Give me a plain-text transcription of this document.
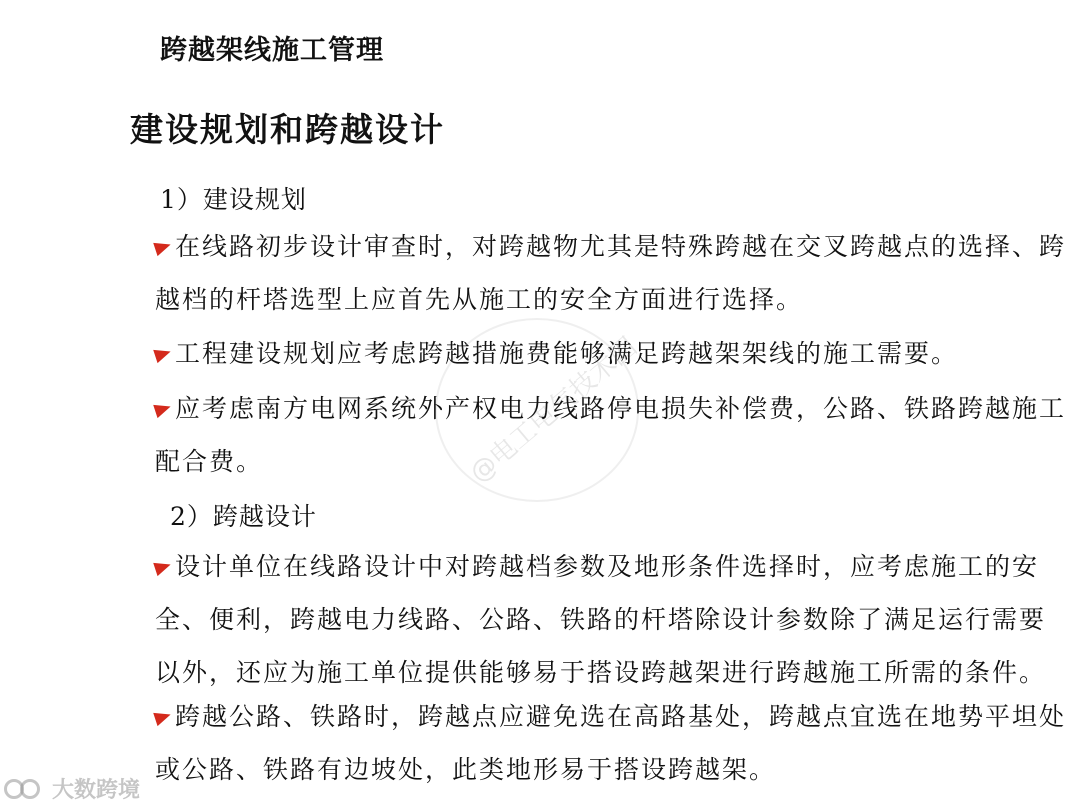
跨越架线施工管理
建设规划和跨越设计
1）建设规划
在线路初步设计审查时，对跨越物尤其是特殊跨越在交叉跨越点的选择、跨越档的杆塔选型上应首先从施工的安全方面进行选择。
工程建设规划应考虑跨越措施费能够满足跨越架架线的施工需要。
应考虑南方电网系统外产权电力线路停电损失补偿费，公路、铁路跨越施工配合费。
2）跨越设计
设计单位在线路设计中对跨越档参数及地形条件选择时，应考虑施工的安全、便利，跨越电力线路、公路、铁路的杆塔除设计参数除了满足运行需要以外，还应为施工单位提供能够易于搭设跨越架进行跨越施工所需的条件。
跨越公路、铁路时，跨越点应避免选在高路基处，跨越点宜选在地势平坦处或公路、铁路有边坡处，此类地形易于搭设跨越架。
@电工电气技术圈
大数跨境
